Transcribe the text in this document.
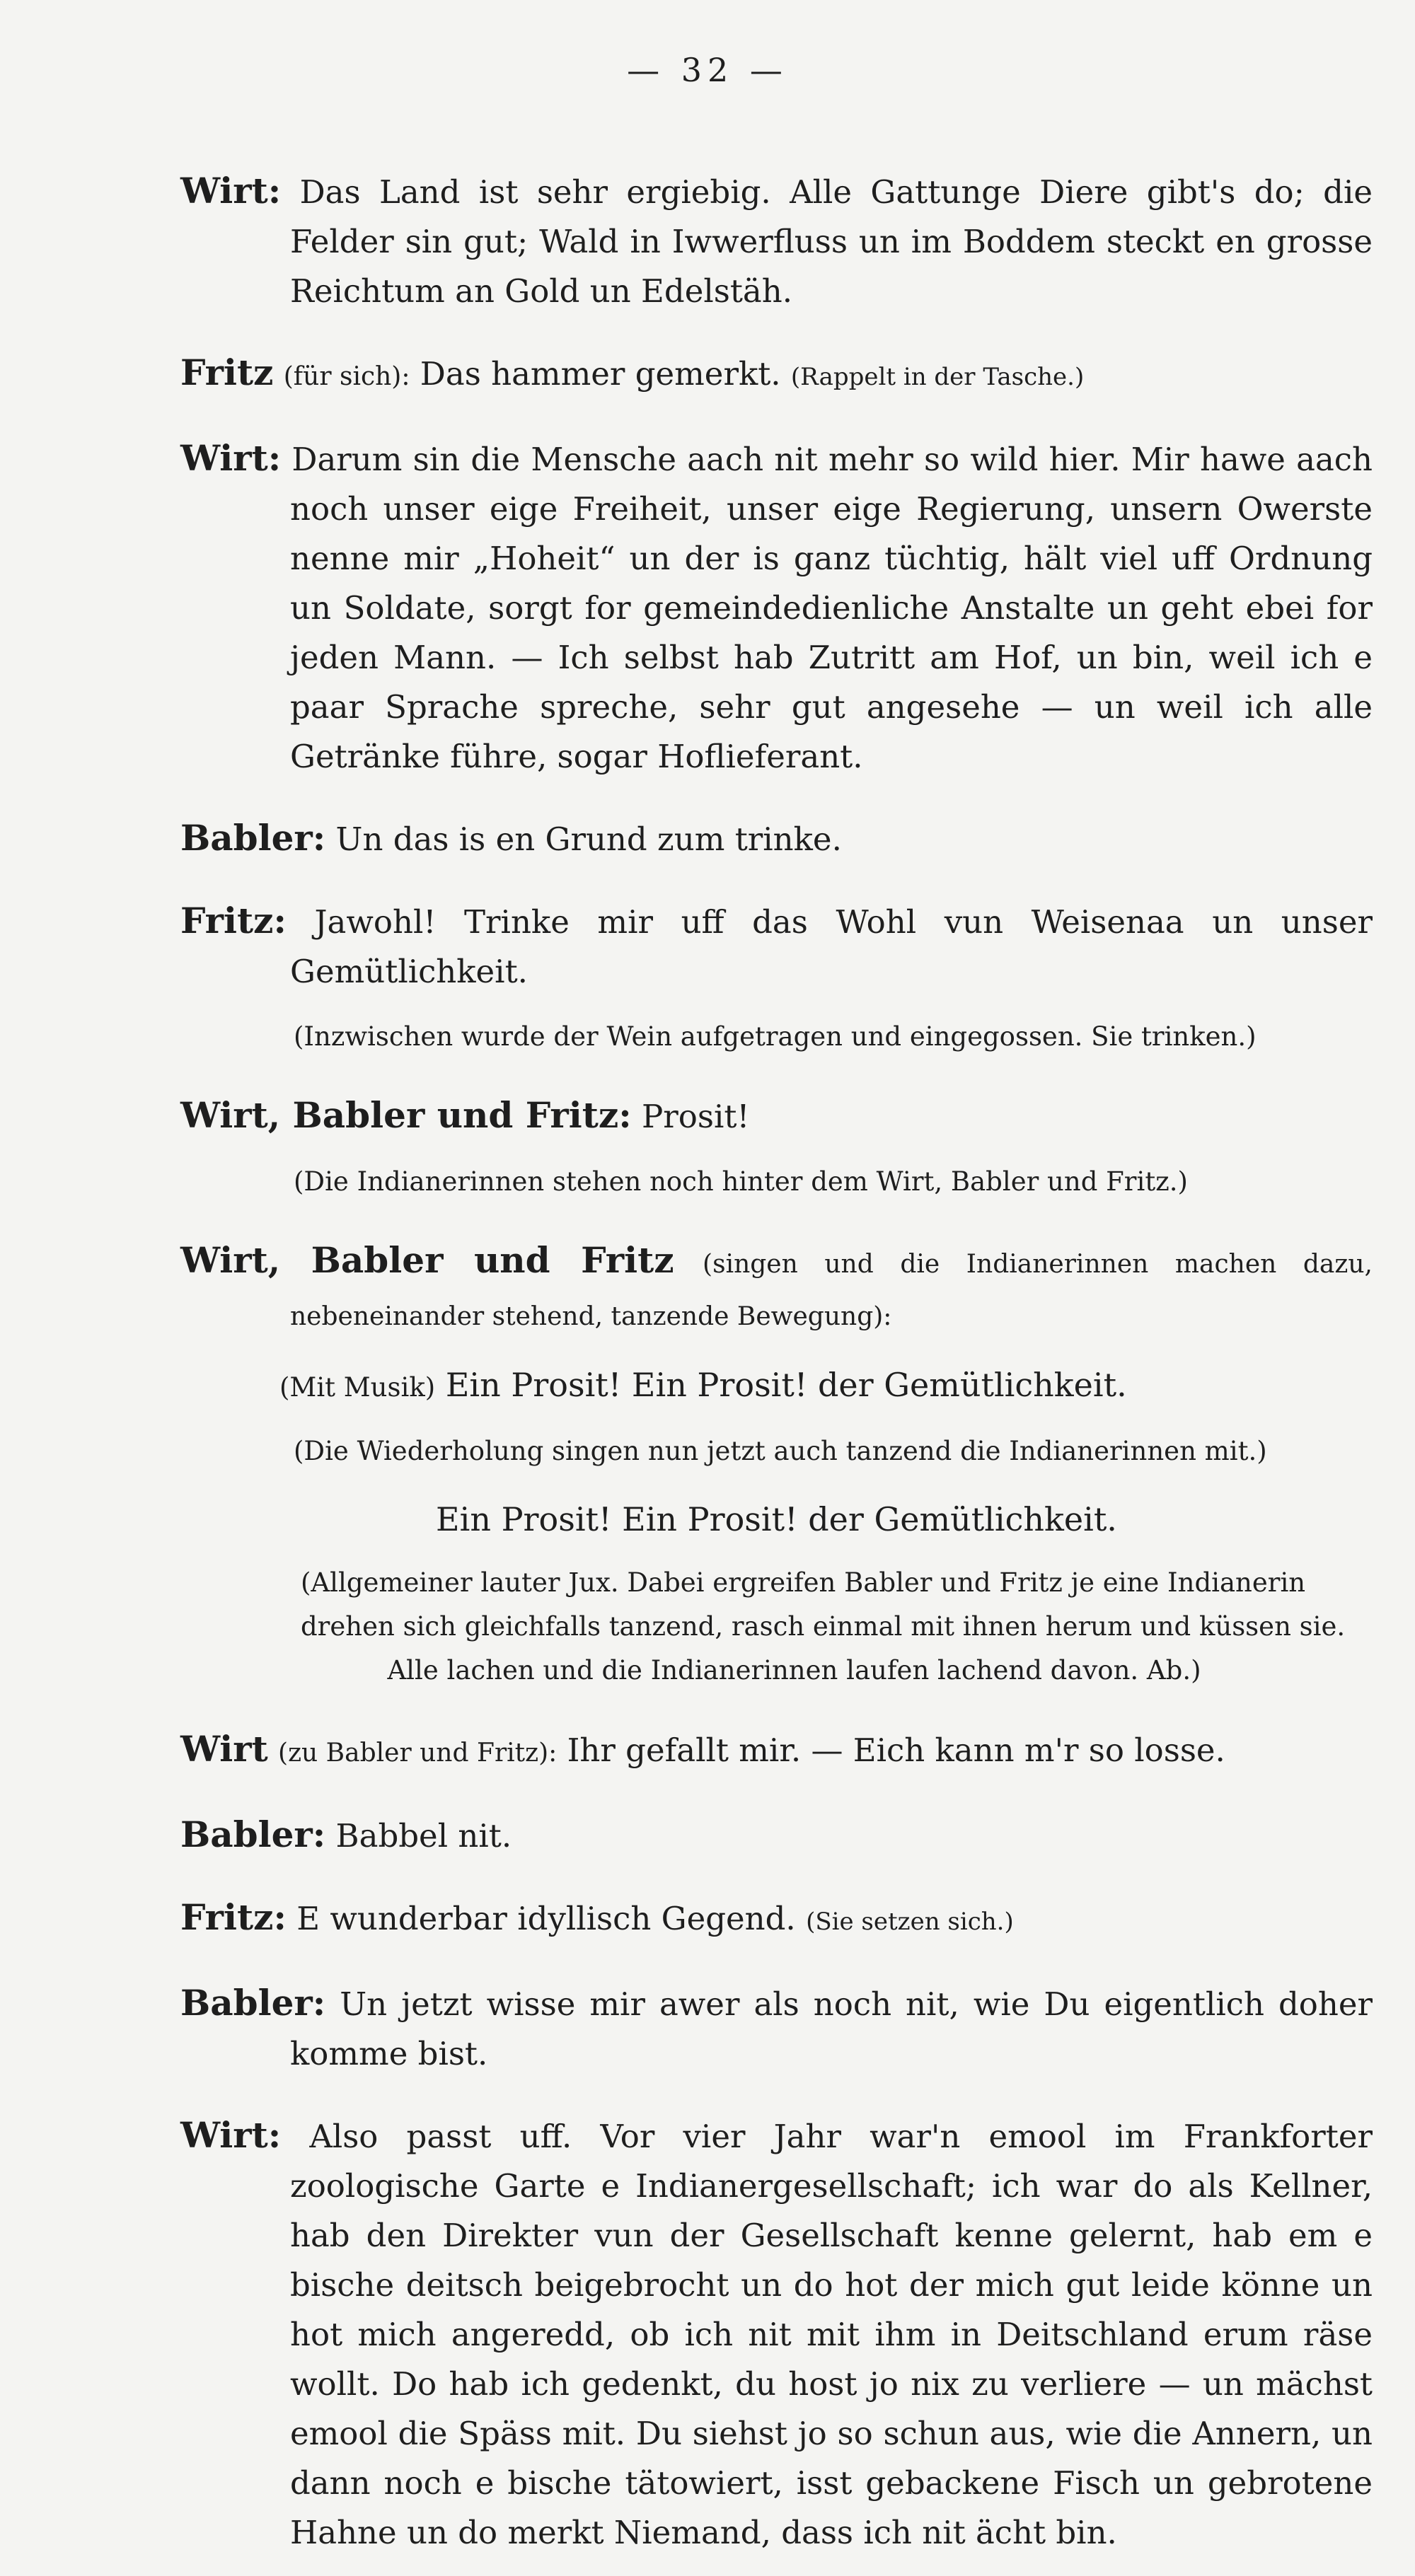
— 32 —

Wirt: Das Land ist sehr ergiebig. Alle Gattunge Diere gibt's do; die Felder sin gut; Wald in Iwwerfluss un im Boddem steckt en grosse Reichtum an Gold un Edelstäh.

Fritz (für sich): Das hammer gemerkt. (Rappelt in der Tasche.)

Wirt: Darum sin die Mensche aach nit mehr so wild hier. Mir hawe aach noch unser eige Freiheit, unser eige Regierung, unsern Owerste nenne mir „Hoheit“ un der is ganz tüchtig, hält viel uff Ordnung un Soldate, sorgt for gemeindedienliche Anstalte un geht ebei for jeden Mann. — Ich selbst hab Zutritt am Hof, un bin, weil ich e paar Sprache spreche, sehr gut angesehe — un weil ich alle Getränke führe, sogar Hoflieferant.

Babler: Un das is en Grund zum trinke.

Fritz: Jawohl! Trinke mir uff das Wohl vun Weisenaa un unser Gemütlichkeit.

(Inzwischen wurde der Wein aufgetragen und eingegossen. Sie trinken.)

Wirt, Babler und Fritz: Prosit!

(Die Indianerinnen stehen noch hinter dem Wirt, Babler und Fritz.)

Wirt, Babler und Fritz (singen und die Indianerinnen machen dazu, nebeneinander stehend, tanzende Bewegung):

(Mit Musik) Ein Prosit! Ein Prosit! der Gemütlichkeit.

(Die Wiederholung singen nun jetzt auch tanzend die Indianerinnen mit.)

Ein Prosit! Ein Prosit! der Gemütlichkeit.

(Allgemeiner lauter Jux. Dabei ergreifen Babler und Fritz je eine Indianerin drehen sich gleichfalls tanzend, rasch einmal mit ihnen herum und küssen sie.
Alle lachen und die Indianerinnen laufen lachend davon. Ab.)

Wirt (zu Babler und Fritz): Ihr gefallt mir. — Eich kann m'r so losse.

Babler: Babbel nit.

Fritz: E wunderbar idyllisch Gegend. (Sie setzen sich.)

Babler: Un jetzt wisse mir awer als noch nit, wie Du eigentlich doher komme bist.

Wirt: Also passt uff. Vor vier Jahr war'n emool im Frankforter zoologische Garte e Indianergesellschaft; ich war do als Kellner, hab den Direkter vun der Gesellschaft kenne gelernt, hab em e bische deitsch beigebrocht un do hot der mich gut leide könne un hot mich angeredd, ob ich nit mit ihm in Deitschland erum räse wollt. Do hab ich gedenkt, du host jo nix zu verliere — un mächst emool die Späss mit. Du siehst jo so schun aus, wie die Annern, un dann noch e bische tätowiert, isst gebackene Fisch un gebrotene Hahne un do merkt Niemand, dass ich nit ächt bin.
